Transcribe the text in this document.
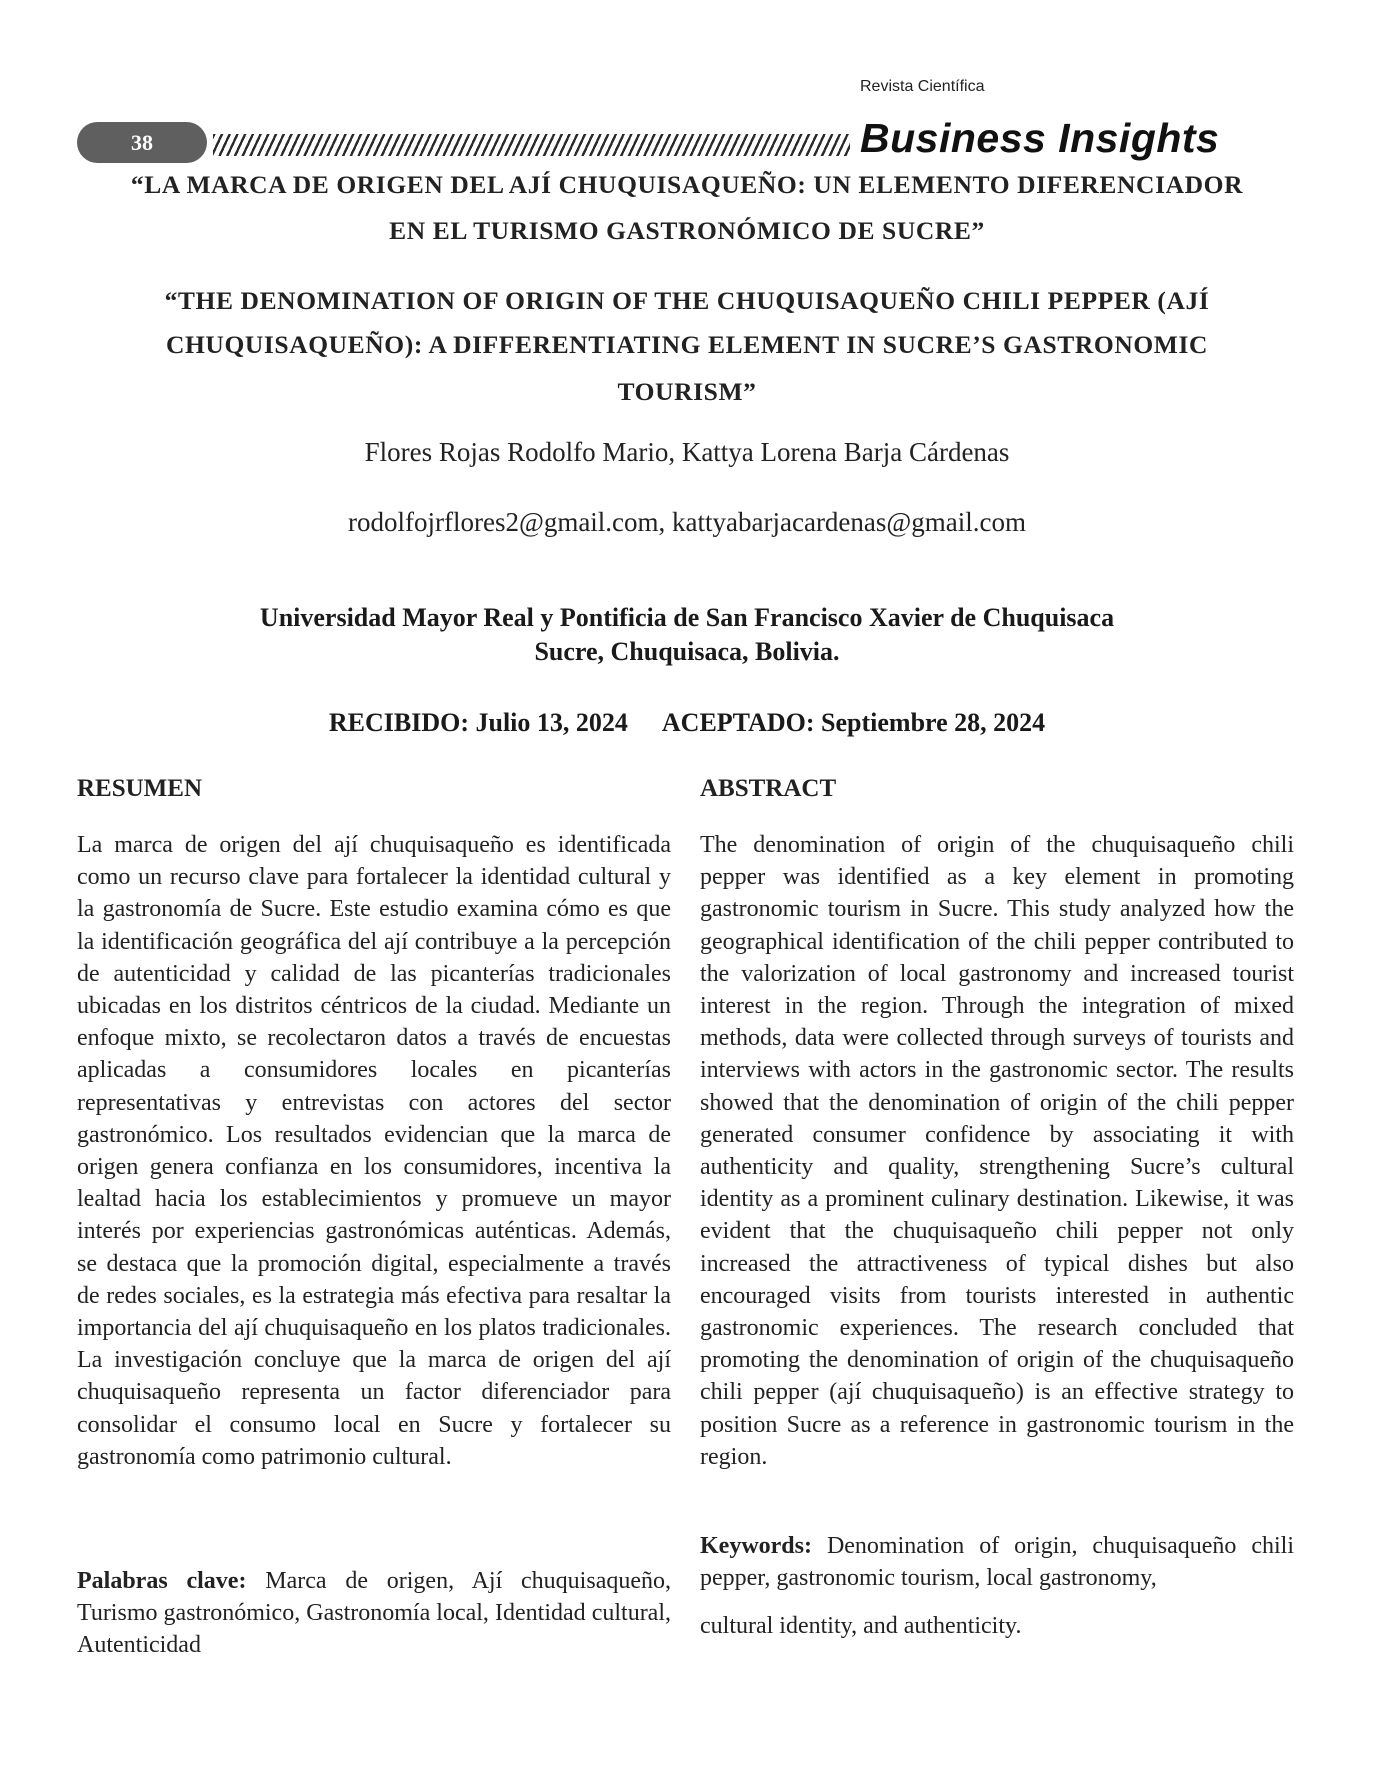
Revista Científica
38	Business Insights
“LA MARCA DE ORIGEN DEL AJÍ CHUQUISAQUEÑO: UN ELEMENTO DIFERENCIADOR
EN EL TURISMO GASTRONÓMICO DE SUCRE”
“THE DENOMINATION OF ORIGIN OF THE CHUQUISAQUEÑO CHILI PEPPER (AJÍ
CHUQUISAQUEÑO): A DIFFERENTIATING ELEMENT IN SUCRE’S GASTRONOMIC
TOURISM”
Flores Rojas Rodolfo Mario, Kattya Lorena Barja Cárdenas
rodolfojrflores2@gmail.com, kattyabarjacardenas@gmail.com
Universidad Mayor Real y Pontificia de San Francisco Xavier de Chuquisaca
Sucre, Chuquisaca, Bolivia.
RECIBIDO: Julio 13, 2024 ACEPTADO: Septiembre 28, 2024
RESUMEN
La marca de origen del ají chuquisaqueño es identificada como un recurso clave para fortalecer la identidad cultural y la gastronomía de Sucre. Este estudio examina cómo es que la identificación geográfica del ají contribuye a la percepción de autenticidad y calidad de las picanterías tradicionales ubicadas en los distritos céntricos de la ciudad. Mediante un enfoque mixto, se recolectaron datos a través de encuestas aplicadas a consumidores locales en picanterías representativas y entrevistas con actores del sector gastronómico. Los resultados evidencian que la marca de origen genera confianza en los consumidores, incentiva la lealtad hacia los establecimientos y promueve un mayor interés por experiencias gastronómicas auténticas. Además, se destaca que la promoción digital, especialmente a través de redes sociales, es la estrategia más efectiva para resaltar la importancia del ají chuquisaqueño en los platos tradicionales. La investigación concluye que la marca de origen del ají chuquisaqueño representa un factor diferenciador para consolidar el consumo local en Sucre y fortalecer su gastronomía como patrimonio cultural.
Palabras clave: Marca de origen, Ají chuquisaqueño, Turismo gastronómico, Gastronomía local, Identidad cultural, Autenticidad
ABSTRACT
The denomination of origin of the chuquisaqueño chili pepper was identified as a key element in promoting gastronomic tourism in Sucre. This study analyzed how the geographical identification of the chili pepper contributed to the valorization of local gastronomy and increased tourist interest in the region. Through the integration of mixed methods, data were collected through surveys of tourists and interviews with actors in the gastronomic sector. The results showed that the denomination of origin of the chili pepper generated consumer confidence by associating it with authenticity and quality, strengthening Sucre’s cultural identity as a prominent culinary destination. Likewise, it was evident that the chuquisaqueño chili pepper not only increased the attractiveness of typical dishes but also encouraged visits from tourists interested in authentic gastronomic experiences. The research concluded that promoting the denomination of origin of the chuquisaqueño chili pepper (ají chuquisaqueño) is an effective strategy to position Sucre as a reference in gastronomic tourism in the region.
Keywords: Denomination of origin, chuquisaqueño chili pepper, gastronomic tourism, local gastronomy,
cultural identity, and authenticity.
